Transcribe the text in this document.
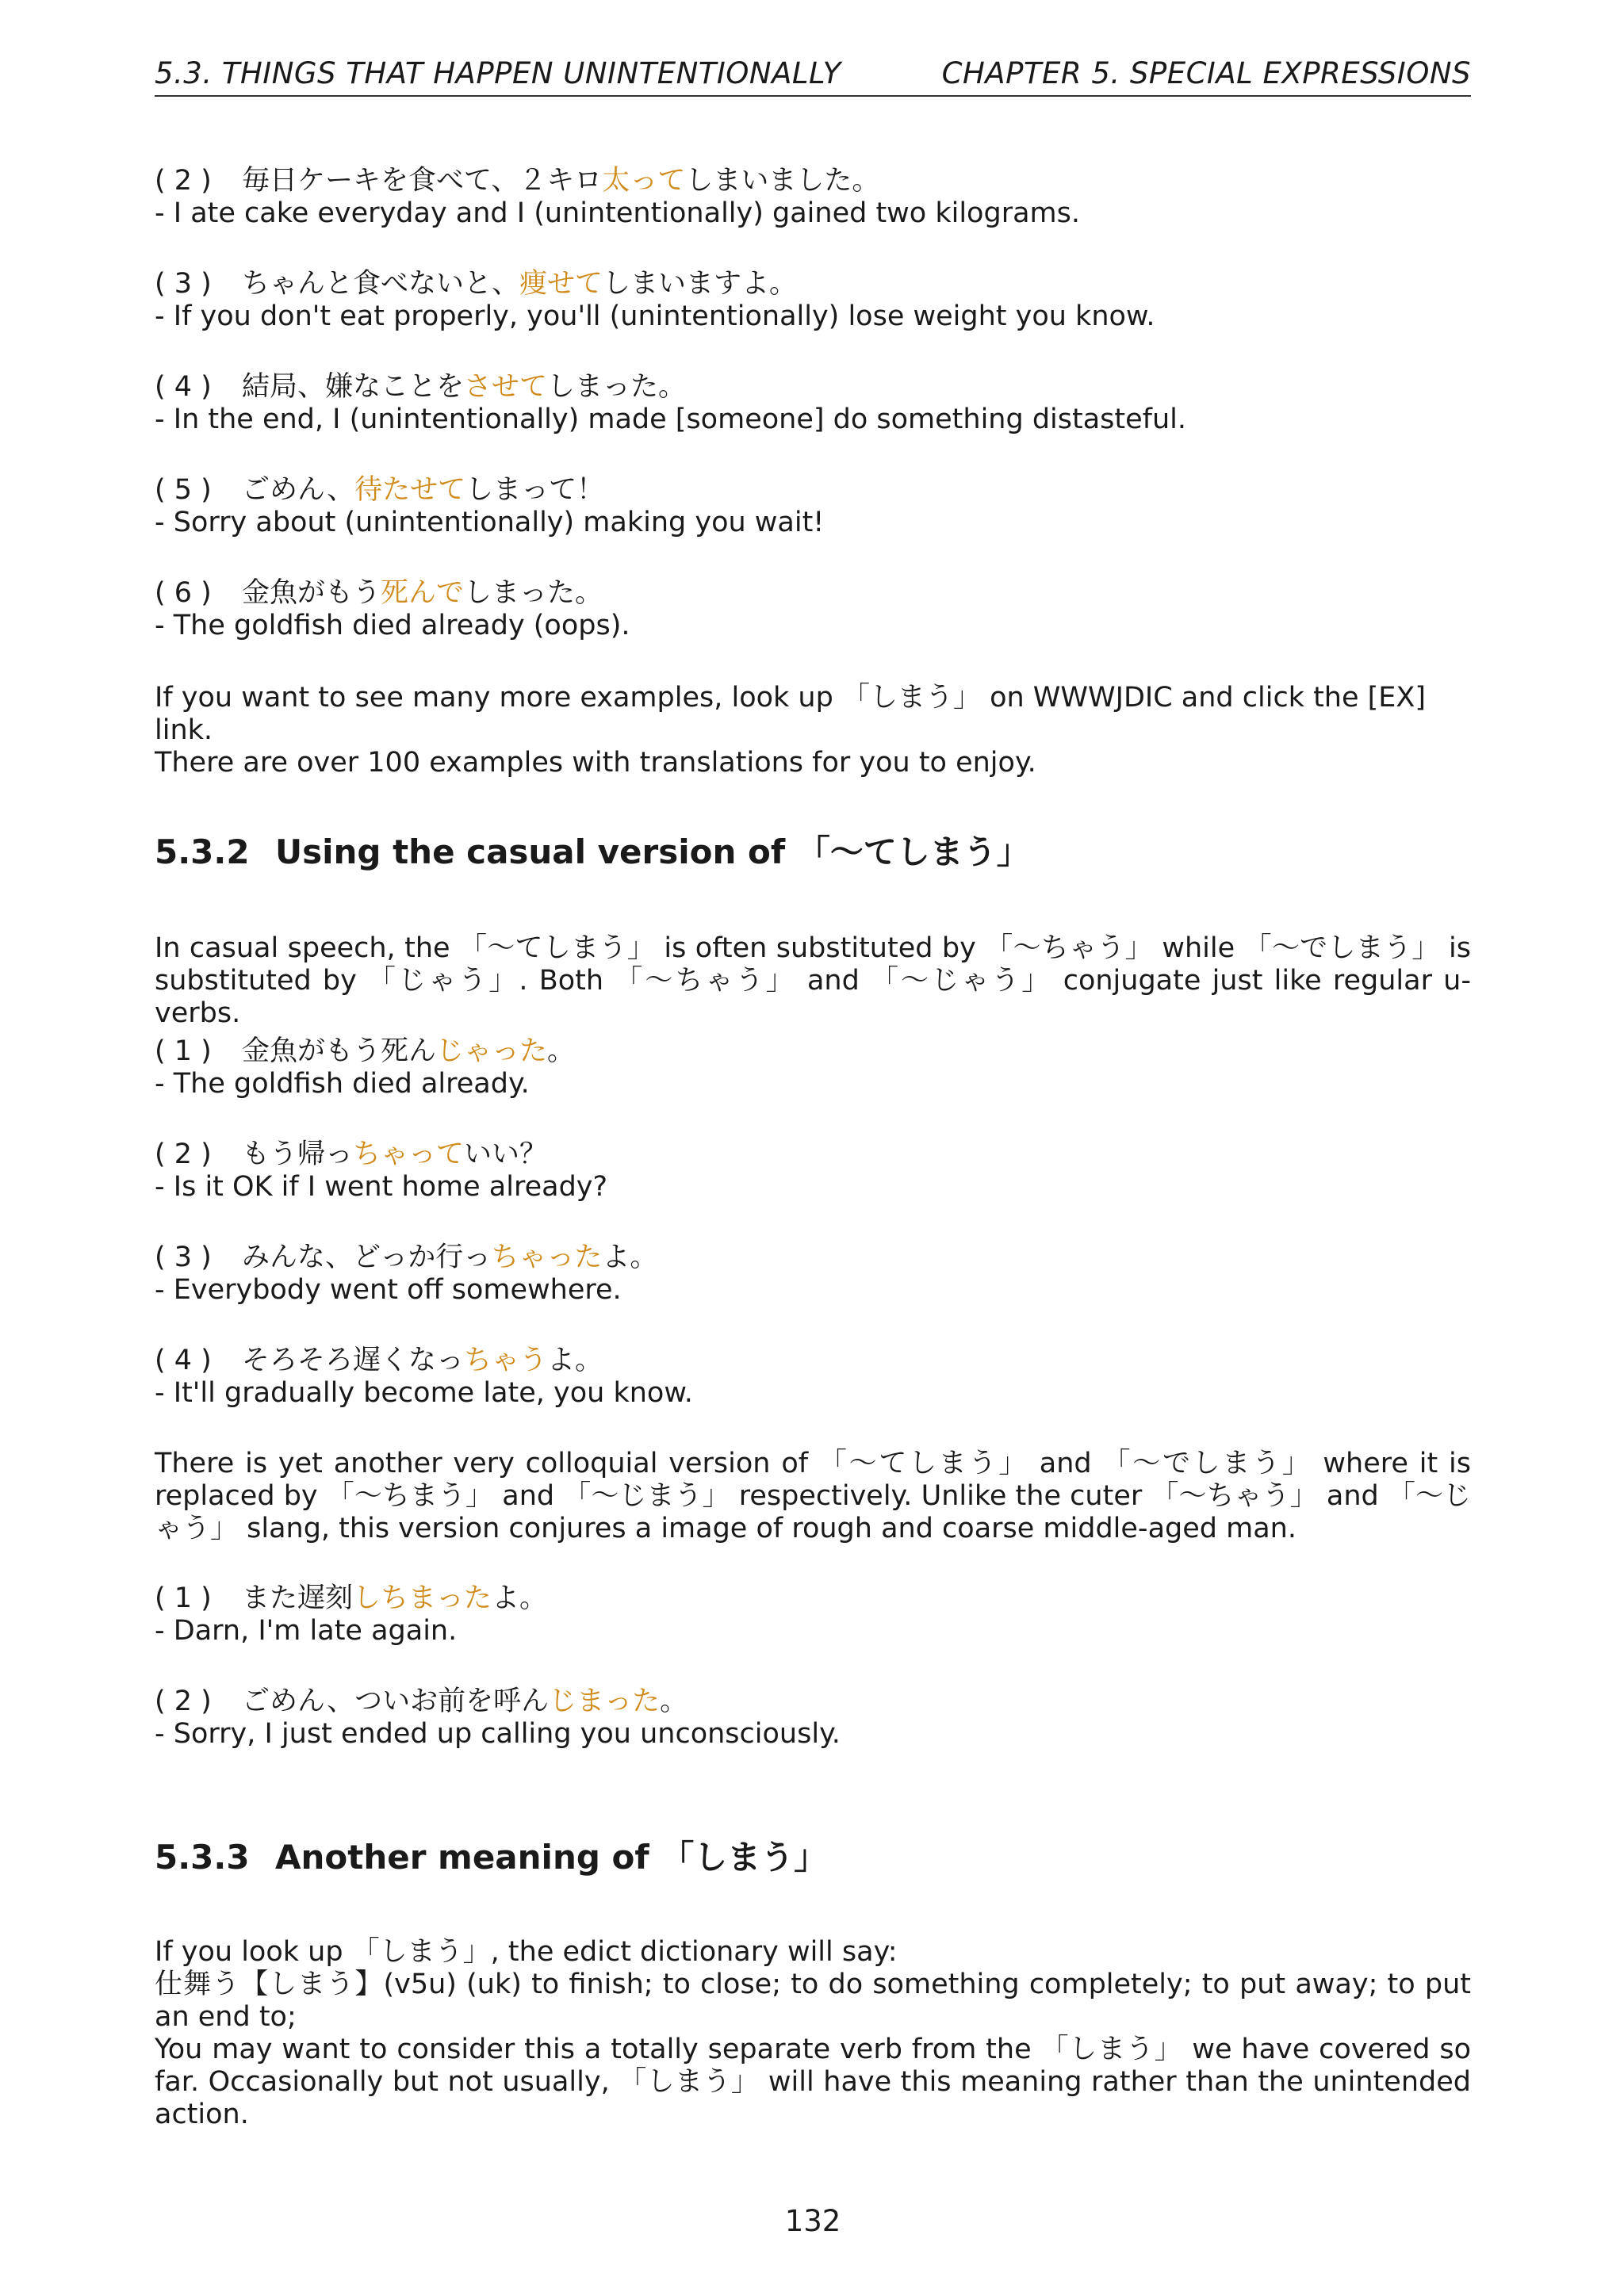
5.3. THINGS THAT HAPPEN UNINTENTIONALLY	CHAPTER 5. SPECIAL EXPRESSIONS
( 2 ) 毎日ケーキを食べて、２キロ太ってしまいました。
- I ate cake everyday and I (unintentionally) gained two kilograms.
( 3 ) ちゃんと食べないと、痩せてしまいますよ。
- If you don't eat properly, you'll (unintentionally) lose weight you know.
( 4 ) 結局、嫌なことをさせてしまった。
- In the end, I (unintentionally) made [someone] do something distasteful.
( 5 ) ごめん、待たせてしまって！
- Sorry about (unintentionally) making you wait!
( 6 ) 金魚がもう死んでしまった。
- The goldfish died already (oops).
If you want to see many more examples, look up 「しまう」 on WWWJDIC and click the [EX] link.
There are over 100 examples with translations for you to enjoy.
5.3.2 Using the casual version of 「〜てしまう」
In casual speech, the 「〜てしまう」 is often substituted by 「〜ちゃう」 while 「〜でしまう」 is substituted by 「じゃう」. Both 「〜ちゃう」 and 「〜じゃう」 conjugate just like regular u-verbs.
( 1 ) 金魚がもう死んじゃった。
- The goldfish died already.
( 2 ) もう帰っちゃっていい？
- Is it OK if I went home already?
( 3 ) みんな、どっか行っちゃったよ。
- Everybody went off somewhere.
( 4 ) そろそろ遅くなっちゃうよ。
- It'll gradually become late, you know.
There is yet another very colloquial version of 「〜てしまう」 and 「〜でしまう」 where it is replaced by 「〜ちまう」 and 「〜じまう」 respectively. Unlike the cuter 「〜ちゃう」 and 「〜じゃう」 slang, this version conjures a image of rough and coarse middle-aged man.
( 1 ) また遅刻しちまったよ。
- Darn, I'm late again.
( 2 ) ごめん、ついお前を呼んじまった。
- Sorry, I just ended up calling you unconsciously.
5.3.3 Another meaning of 「しまう」
If you look up 「しまう」, the edict dictionary will say:
仕舞う【しまう】(v5u) (uk) to finish; to close; to do something completely; to put away; to put an end to;
You may want to consider this a totally separate verb from the 「しまう」 we have covered so far. Occasionally but not usually, 「しまう」 will have this meaning rather than the unintended action.
132
